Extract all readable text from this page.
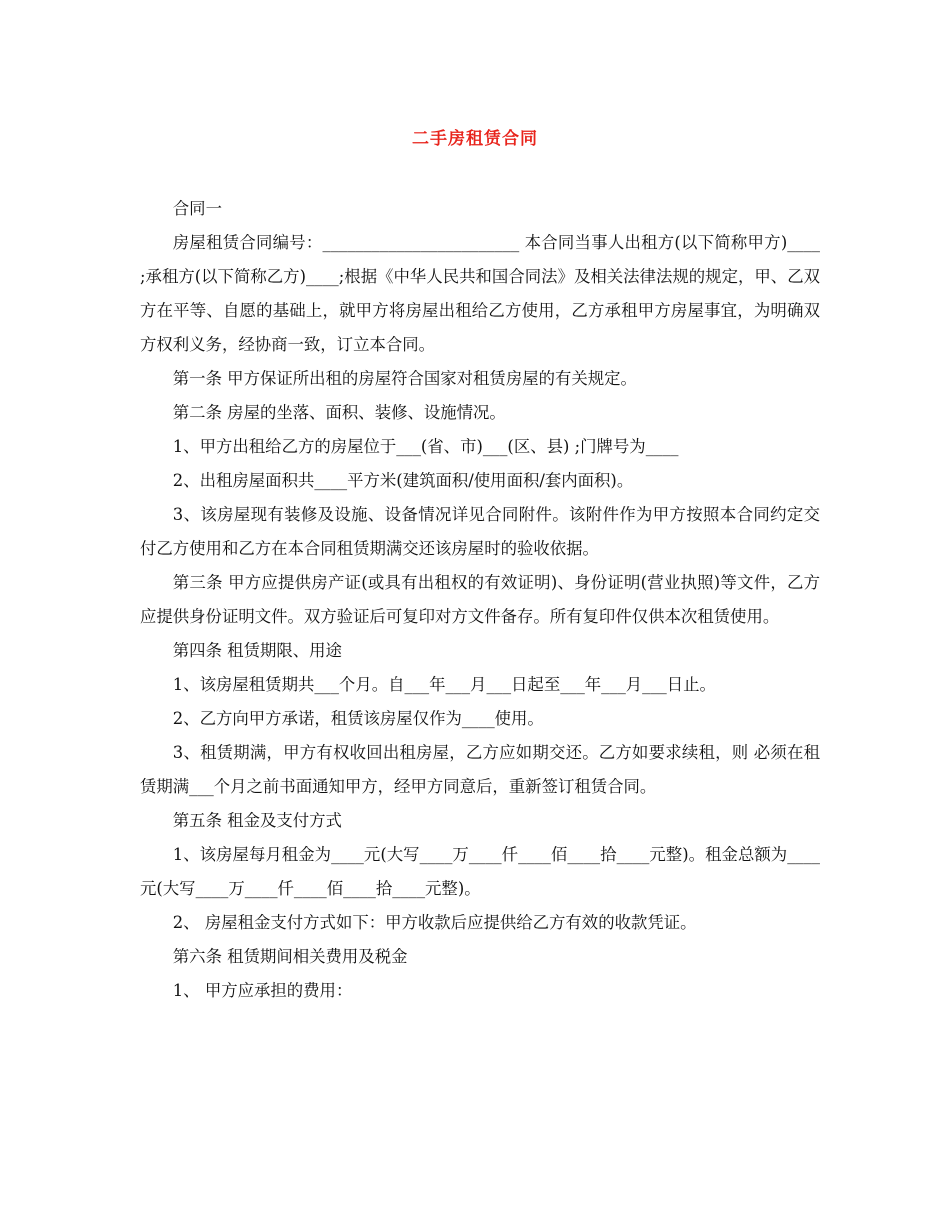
二手房租赁合同

合同一

房屋租赁合同编号：________________________ 本合同当事人出租方(以下简称甲方)____ ;承租方(以下简称乙方)____;根据《中华人民共和国合同法》及相关法律法规的规定，甲、乙双方在平等、自愿的基础上，就甲方将房屋出租给乙方使用，乙方承租甲方房屋事宜，为明确双方权利义务，经协商一致，订立本合同。

第一条 甲方保证所出租的房屋符合国家对租赁房屋的有关规定。

第二条 房屋的坐落、面积、装修、设施情况。

1、甲方出租给乙方的房屋位于___(省、市)___(区、县) ;门牌号为____

2、出租房屋面积共____平方米(建筑面积/使用面积/套内面积)。

3、该房屋现有装修及设施、设备情况详见合同附件。该附件作为甲方按照本合同约定交付乙方使用和乙方在本合同租赁期满交还该房屋时的验收依据。

第三条 甲方应提供房产证(或具有出租权的有效证明)、身份证明(营业执照)等文件，乙方应提供身份证明文件。双方验证后可复印对方文件备存。所有复印件仅供本次租赁使用。

第四条 租赁期限、用途

1、该房屋租赁期共___个月。自___年___月___日起至___年___月___日止。

2、乙方向甲方承诺，租赁该房屋仅作为____使用。

3、租赁期满，甲方有权收回出租房屋，乙方应如期交还。乙方如要求续租，则 必须在租赁期满___个月之前书面通知甲方，经甲方同意后，重新签订租赁合同。

第五条 租金及支付方式

1、该房屋每月租金为____元(大写____万____仟____佰____拾____元整)。租金总额为____元(大写____万____仟____佰____拾____元整)。

2、 房屋租金支付方式如下：甲方收款后应提供给乙方有效的收款凭证。

第六条 租赁期间相关费用及税金

1、 甲方应承担的费用：
